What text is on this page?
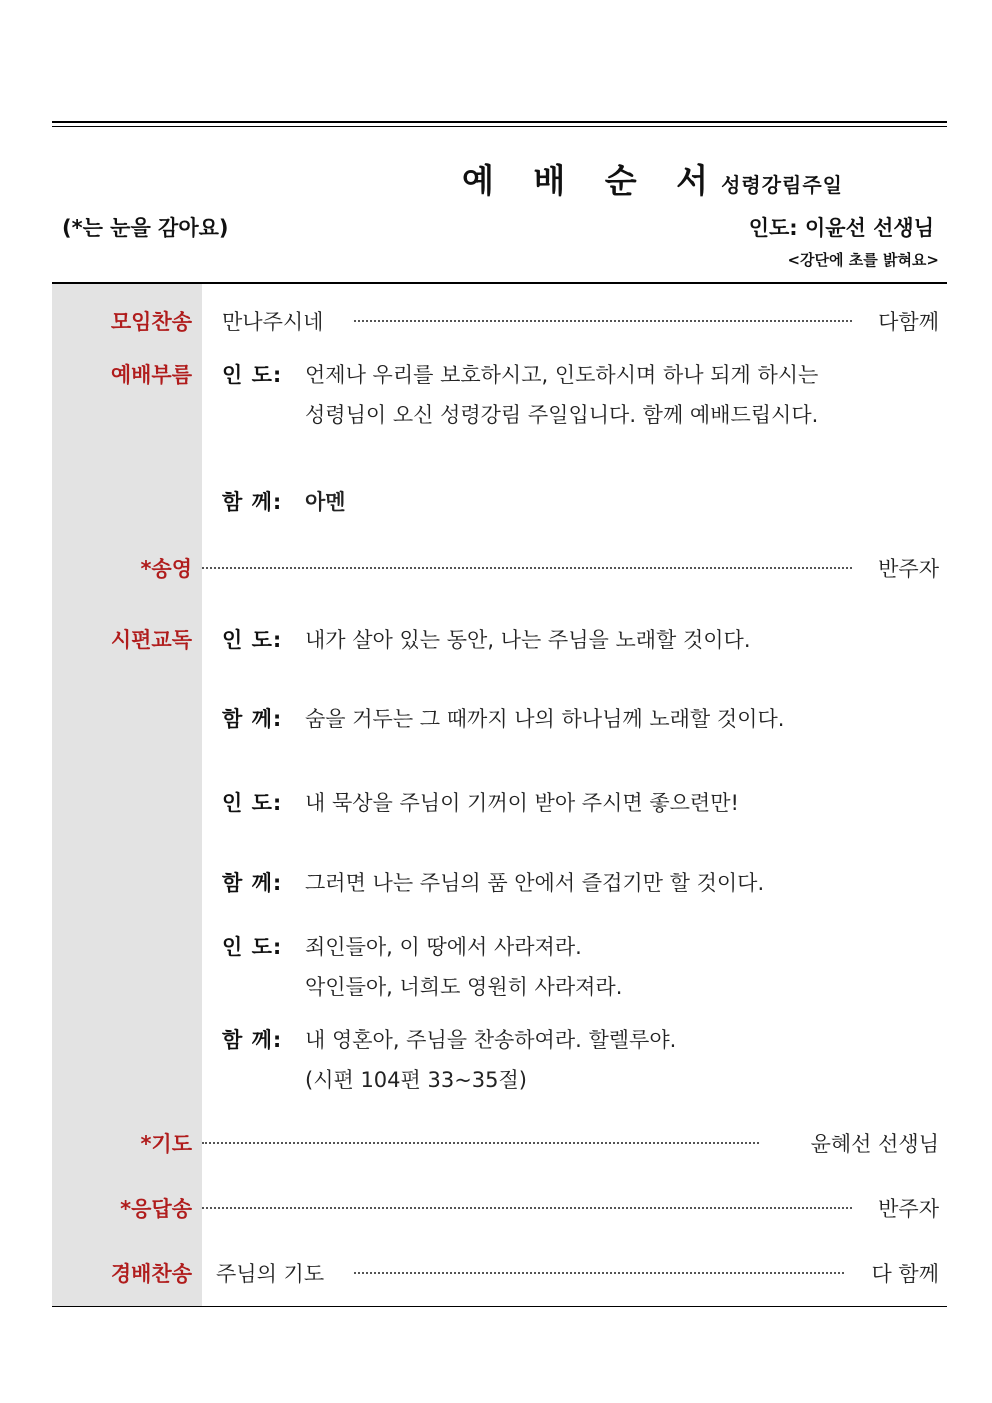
예 배 순 서 성령강림주일
(*는 눈을 감아요)	인도: 이윤선 선생님
<강단에 초를 밝혀요>
모임찬송 만나주시네	다함께
예배부름 인 도: 언제나 우리를 보호하시고, 인도하시며 하나 되게 하시는
성령님이 오신 성령강림 주일입니다. 함께 예배드립시다.
함 께: 아멘
*송영	반주자
시편교독 인 도: 내가 살아 있는 동안, 나는 주님을 노래할 것이다.
함 께: 숨을 거두는 그 때까지 나의 하나님께 노래할 것이다.
인 도: 내 묵상을 주님이 기꺼이 받아 주시면 좋으련만!
함 께: 그러면 나는 주님의 품 안에서 즐겁기만 할 것이다.
인 도: 죄인들아, 이 땅에서 사라져라.
악인들아, 너희도 영원히 사라져라.
함 께: 내 영혼아, 주님을 찬송하여라. 할렐루야.
(시편 104편 33~35절)
*기도	윤혜선 선생님
*응답송	반주자
경배찬송 주님의 기도	다 함께
